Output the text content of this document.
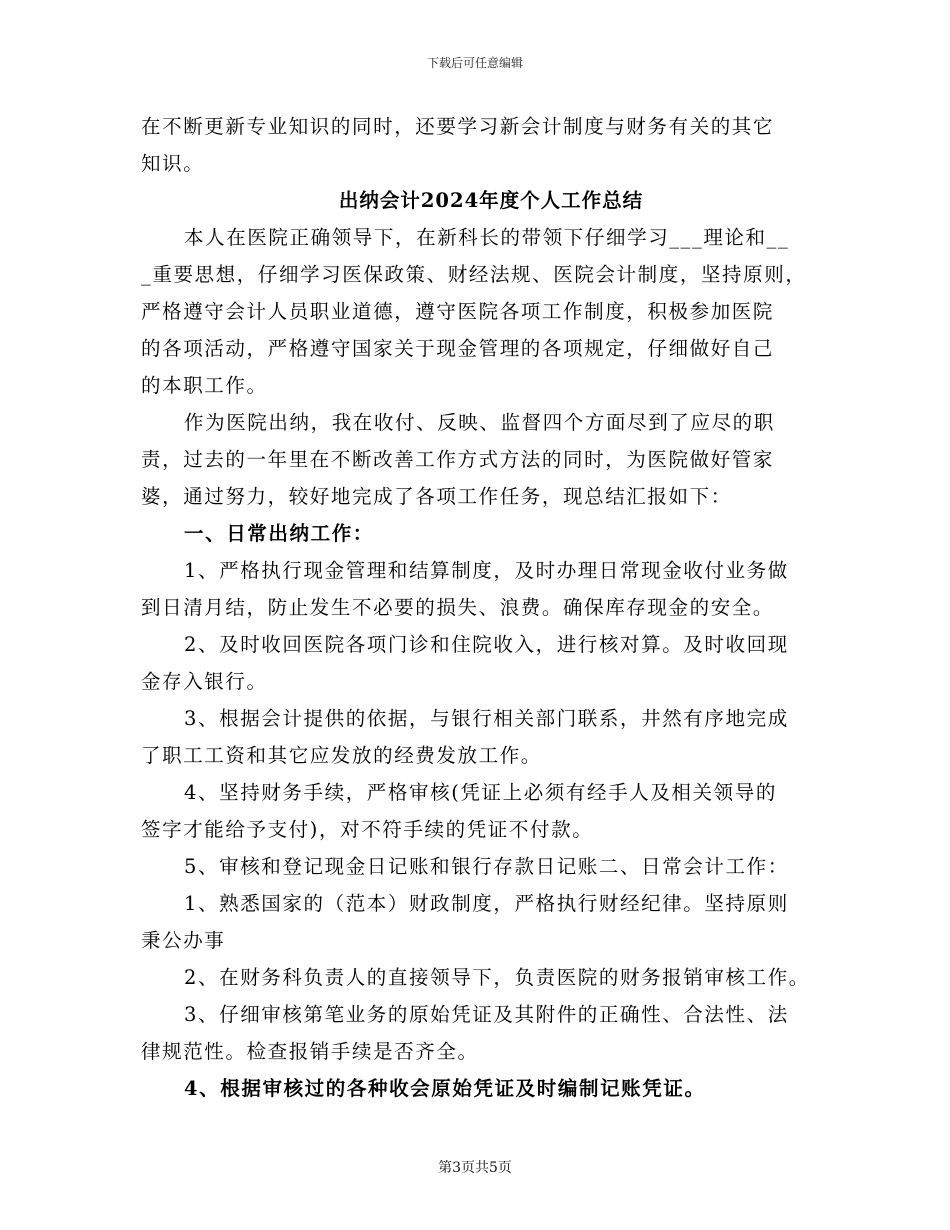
下载后可任意编辑
在不断更新专业知识的同时，还要学习新会计制度与财务有关的其它
知识。
出纳会计2024年度个人工作总结
本人在医院正确领导下，在新科长的带领下仔细学习___理论和__
_重要思想，仔细学习医保政策、财经法规、医院会计制度，坚持原则，
严格遵守会计人员职业道德，遵守医院各项工作制度，积极参加医院
的各项活动，严格遵守国家关于现金管理的各项规定，仔细做好自己
的本职工作。
作为医院出纳，我在收付、反映、监督四个方面尽到了应尽的职
责，过去的一年里在不断改善工作方式方法的同时，为医院做好管家
婆，通过努力，较好地完成了各项工作任务，现总结汇报如下：
一、日常出纳工作：
1、严格执行现金管理和结算制度，及时办理日常现金收付业务做
到日清月结，防止发生不必要的损失、浪费。确保库存现金的安全。
2、及时收回医院各项门诊和住院收入，进行核对算。及时收回现
金存入银行。
3、根据会计提供的依据，与银行相关部门联系，井然有序地完成
了职工工资和其它应发放的经费发放工作。
4、坚持财务手续，严格审核(凭证上必须有经手人及相关领导的
签字才能给予支付)，对不符手续的凭证不付款。
5、审核和登记现金日记账和银行存款日记账二、日常会计工作：
1、熟悉国家的（范本）财政制度，严格执行财经纪律。坚持原则
秉公办事
2、在财务科负责人的直接领导下，负责医院的财务报销审核工作。
3、仔细审核第笔业务的原始凭证及其附件的正确性、合法性、法
律规范性。检查报销手续是否齐全。
4、根据审核过的各种收会原始凭证及时编制记账凭证。
第3页共5页
